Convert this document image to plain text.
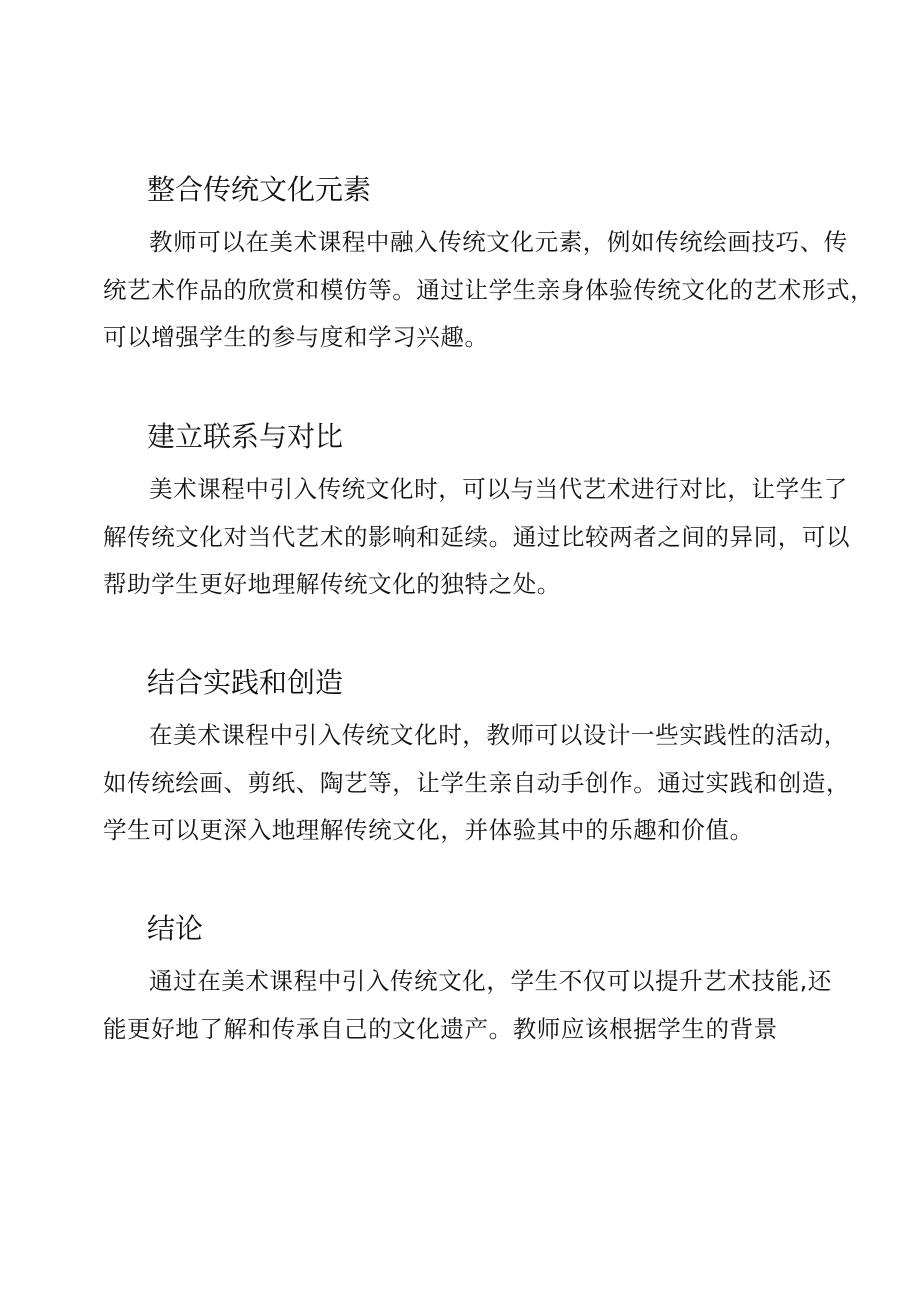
整合传统文化元素

教师可以在美术课程中融入传统文化元素，例如传统绘画技巧、传
统艺术作品的欣赏和模仿等。通过让学生亲身体验传统文化的艺术形式，
可以增强学生的参与度和学习兴趣。

建立联系与对比

美术课程中引入传统文化时，可以与当代艺术进行对比，让学生了
解传统文化对当代艺术的影响和延续。通过比较两者之间的异同，可以
帮助学生更好地理解传统文化的独特之处。

结合实践和创造

在美术课程中引入传统文化时，教师可以设计一些实践性的活动，
如传统绘画、剪纸、陶艺等，让学生亲自动手创作。通过实践和创造，
学生可以更深入地理解传统文化，并体验其中的乐趣和价值。

结论

通过在美术课程中引入传统文化，学生不仅可以提升艺术技能,还
能更好地了解和传承自己的文化遗产。教师应该根据学生的背景
